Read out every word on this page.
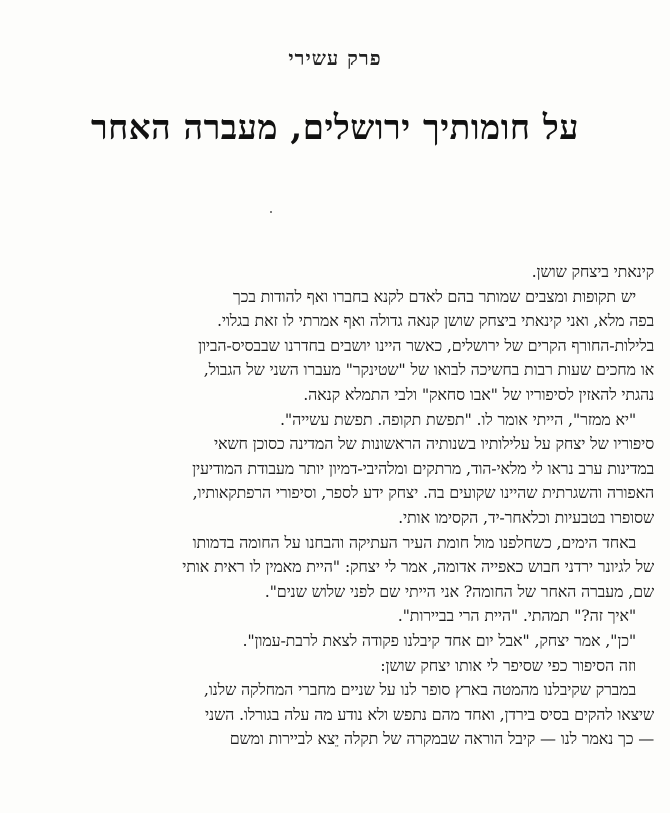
פרק עשירי
על חומותיך ירושלים, מעברה האחר
קינאתי ביצחק שושן.
יש תקופות ומצבים שמותר בהם לאדם לקנא בחברו ואף להודות בכך
בפה מלא, ואני קינאתי ביצחק שושן קנאה גדולה ואף אמרתי לו זאת בגלוי.
בלילות-החורף הקרים של ירושלים, כאשר היינו יושבים בחדרנו שבבסיס-הביון
או מחכים שעות רבות בחשיכה לבואו של "שטינקר" מעברו השני של הגבול,
נהגתי להאזין לסיפוריו של "אבו סחאק" ולבי התמלא קנאה.
"יא ממזר", הייתי אומר לו. "תפשת תקופה. תפשת עשייה".
סיפוריו של יצחק על עלילותיו בשנותיה הראשונות של המדינה כסוכן חשאי
במדינות ערב נראו לי מלאי-הוד, מרתקים ומלהיבי-דמיון יותר מעבודת המודיעין
האפורה והשגרתית שהיינו שקועים בה. יצחק ידע לספר, וסיפורי הרפתקאותיו,
שסופרו בטבעיות וכלאחר-יד, הקסימו אותי.
באחד הימים, כשחלפנו מול חומת העיר העתיקה והבחנו על החומה בדמותו
של לגיונר ירדני חבוש כאפייה אדומה, אמר לי יצחק: "היית מאמין לו ראית אותי
שם, מעברה האחר של החומה? אני הייתי שם לפני שלוש שנים".
"איך זה?" תמהתי. "היית הרי בביירות".
"כן", אמר יצחק, "אבל יום אחד קיבלנו פקודה לצאת לרבת-עמון".
וזה הסיפור כפי שסיפר לי אותו יצחק שושן:
במברק שקיבלנו מהמטה בארץ סופר לנו על שניים מחברי המחלקה שלנו,
שיצאו להקים בסיס בירדן, ואחד מהם נתפש ולא נודע מה עלה בגורלו. השני
— כך נאמר לנו — קיבל הוראה שבמקרה של תקלה יֵצא לביירות ומשם
